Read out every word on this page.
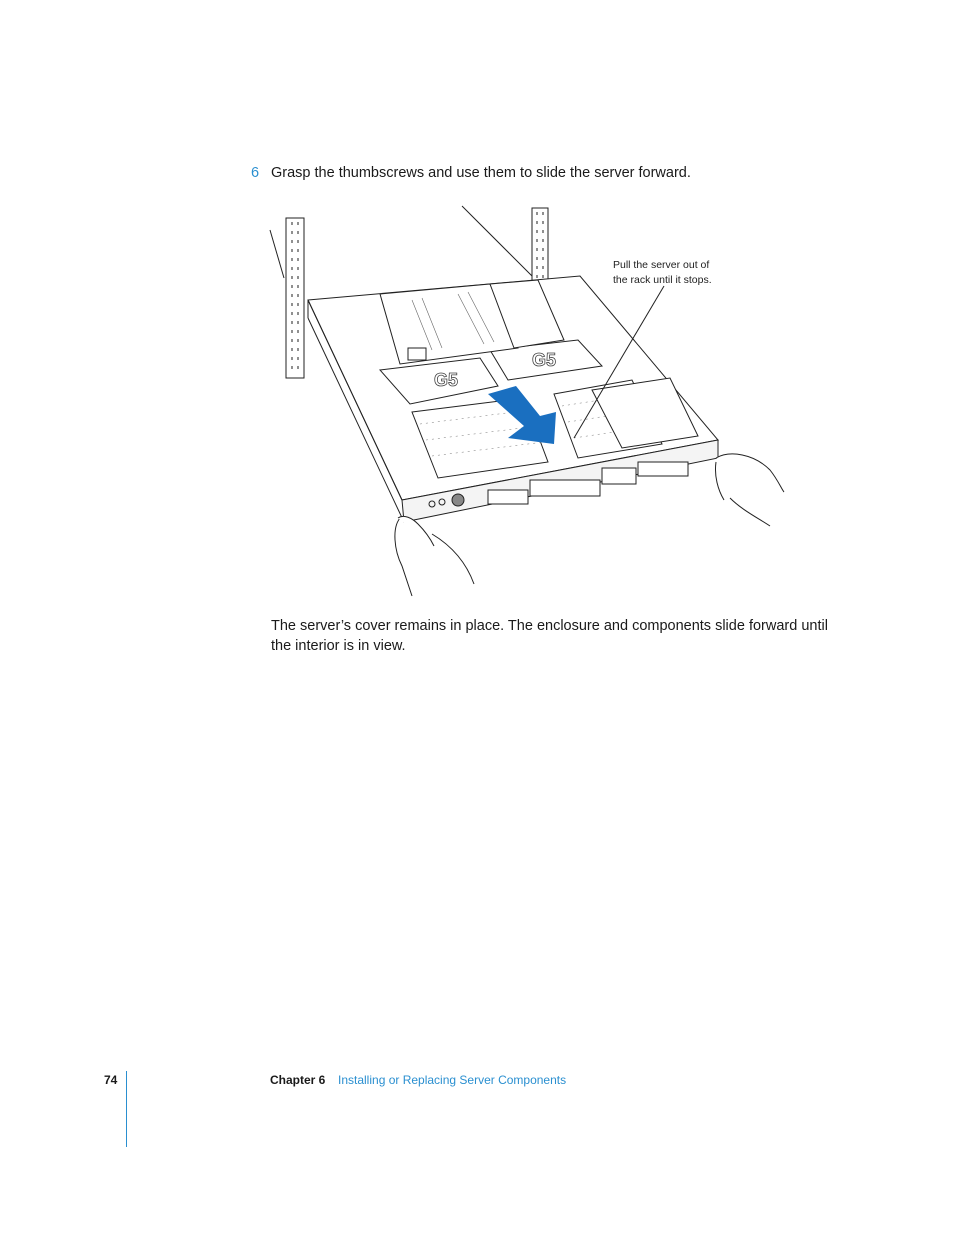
6 Grasp the thumbscrews and use them to slide the server forward.
G5
G5
Pull the server out of
the rack until it stops.

The server’s cover remains in place. The enclosure and components slide forward until the interior is in view.

74	Chapter 6 Installing or Replacing Server Components
